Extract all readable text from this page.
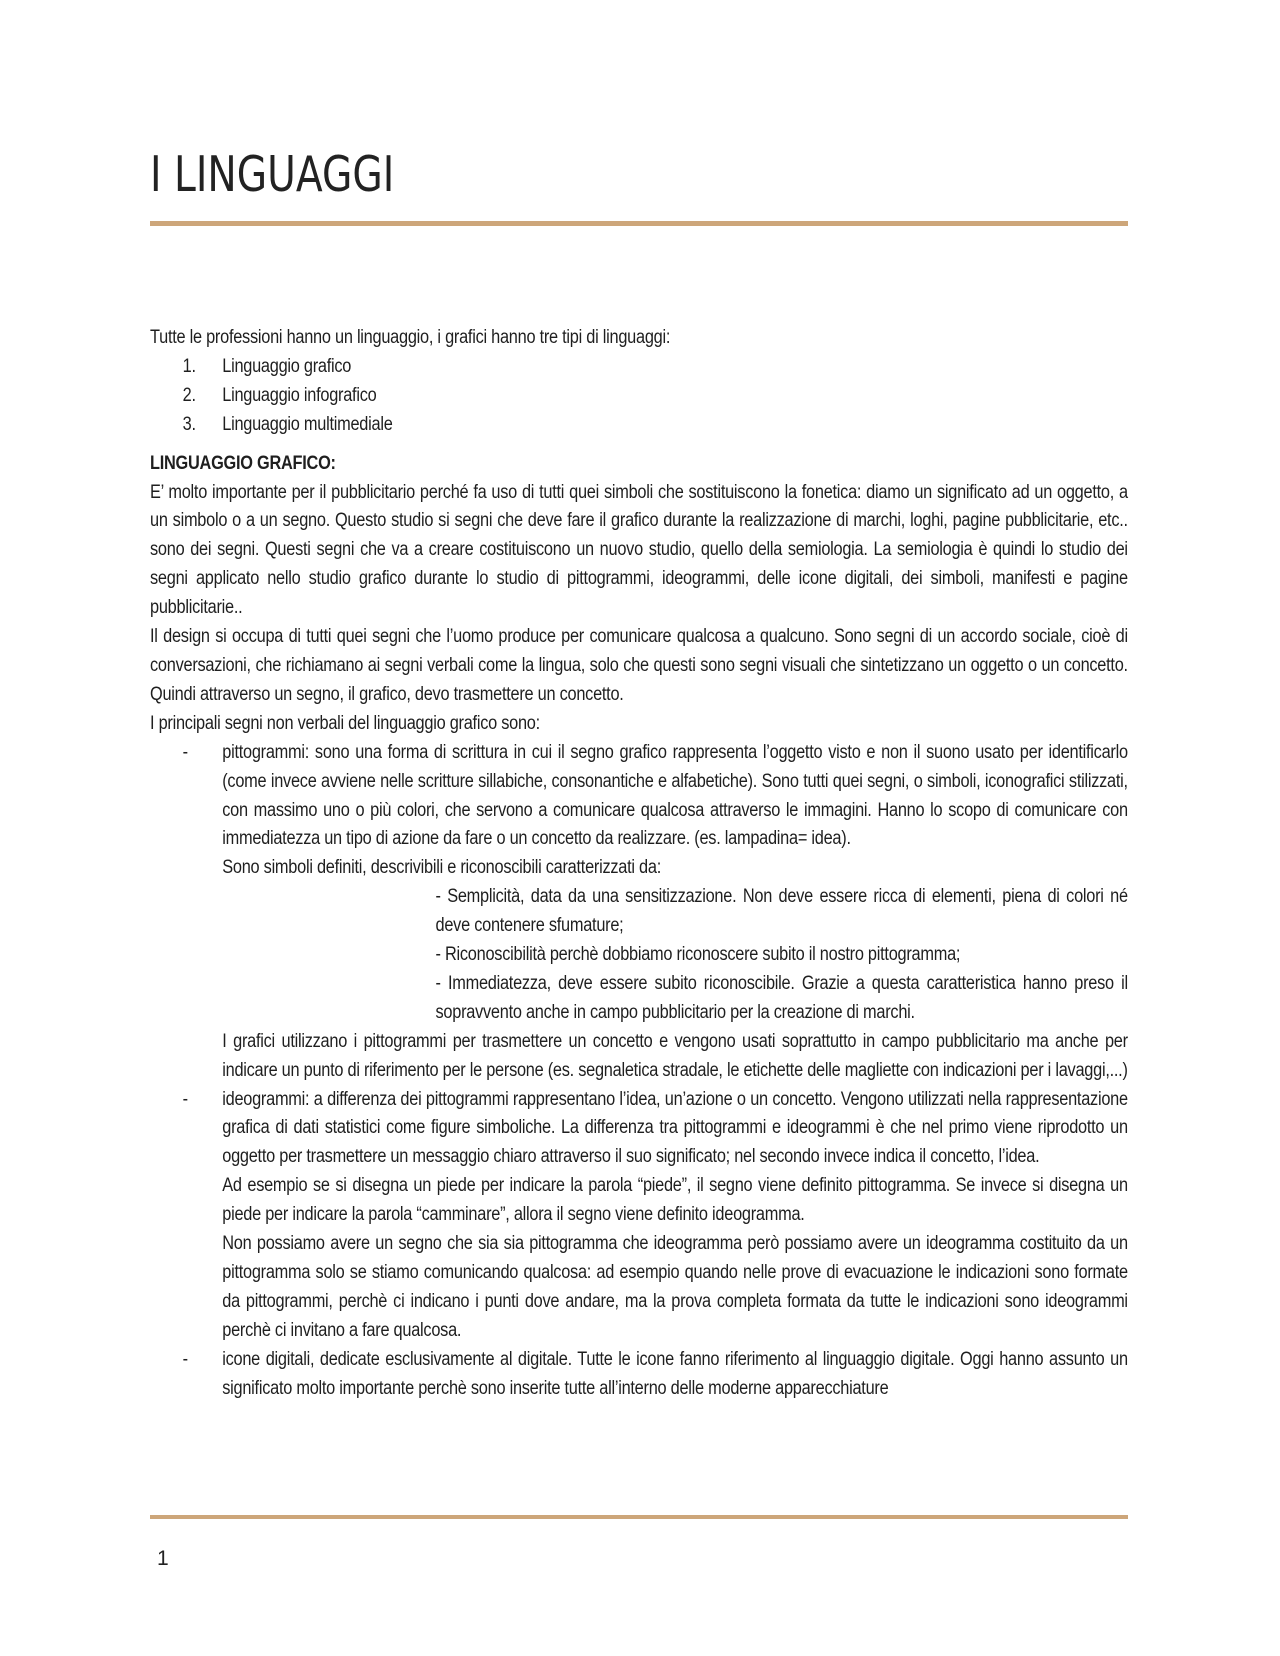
I LINGUAGGI

Tutte le professioni hanno un linguaggio, i grafici hanno tre tipi di linguaggi:

1.	Linguaggio grafico
2.	Linguaggio infografico
3.	Linguaggio multimediale

LINGUAGGIO GRAFICO:

E’ molto importante per il pubblicitario perché fa uso di tutti quei simboli che sostituiscono la fonetica: diamo un significato ad un oggetto, a un simbolo o a un segno. Questo studio si segni che deve fare il grafico durante la realizzazione di marchi, loghi, pagine pubblicitarie, etc.. sono dei segni. Questi segni che va a creare costituiscono un nuovo studio, quello della semiologia. La semiologia è quindi lo studio dei segni applicato nello studio grafico durante lo studio di pittogrammi, ideogrammi, delle icone digitali, dei simboli, manifesti e pagine pubblicitarie..

Il design si occupa di tutti quei segni che l’uomo produce per comunicare qualcosa a qualcuno. Sono segni di un accordo sociale, cioè di conversazioni, che richiamano ai segni verbali come la lingua, solo che questi sono segni visuali che sintetizzano un oggetto o un concetto. Quindi attraverso un segno, il grafico, devo trasmettere un concetto.

I principali segni non verbali del linguaggio grafico sono:

-	pittogrammi: sono una forma di scrittura in cui il segno grafico rappresenta l’oggetto visto e non il suono usato per identificarlo (come invece avviene nelle scritture sillabiche, consonantiche e alfabetiche). Sono tutti quei segni, o simboli, iconografici stilizzati, con massimo uno o più colori, che servono a comunicare qualcosa attraverso le immagini. Hanno lo scopo di comunicare con immediatezza un tipo di azione da fare o un concetto da realizzare. (es. lampadina= idea).

Sono simboli definiti, descrivibili e riconoscibili caratterizzati da:

- Semplicità, data da una sensitizzazione. Non deve essere ricca di elementi, piena di colori né deve contenere sfumature;

- Riconoscibilità perchè dobbiamo riconoscere subito il nostro pittogramma;

- Immediatezza, deve essere subito riconoscibile. Grazie a questa caratteristica hanno preso il sopravvento anche in campo pubblicitario per la creazione di marchi.

I grafici utilizzano i pittogrammi per trasmettere un concetto e vengono usati soprattutto in campo pubblicitario ma anche per indicare un punto di riferimento per le persone (es. segnaletica stradale, le etichette delle magliette con indicazioni per i lavaggi,...)

-	ideogrammi: a differenza dei pittogrammi rappresentano l’idea, un’azione o un concetto. Vengono utilizzati nella rappresentazione grafica di dati statistici come figure simboliche. La differenza tra pittogrammi e ideogrammi è che nel primo viene riprodotto un oggetto per trasmettere un messaggio chiaro attraverso il suo significato; nel secondo invece indica il concetto, l’idea.

Ad esempio se si disegna un piede per indicare la parola “piede”, il segno viene definito pittogramma. Se invece si disegna un piede per indicare la parola “camminare”, allora il segno viene definito ideogramma.

Non possiamo avere un segno che sia sia pittogramma che ideogramma però possiamo avere un ideogramma costituito da un pittogramma solo se stiamo comunicando qualcosa: ad esempio quando nelle prove di evacuazione le indicazioni sono formate da pittogrammi, perchè ci indicano i punti dove andare, ma la prova completa formata da tutte le indicazioni sono ideogrammi perchè ci invitano a fare qualcosa.

-	icone digitali, dedicate esclusivamente al digitale. Tutte le icone fanno riferimento al linguaggio digitale. Oggi hanno assunto un significato molto importante perchè sono inserite tutte all’interno delle moderne apparecchiature

1
